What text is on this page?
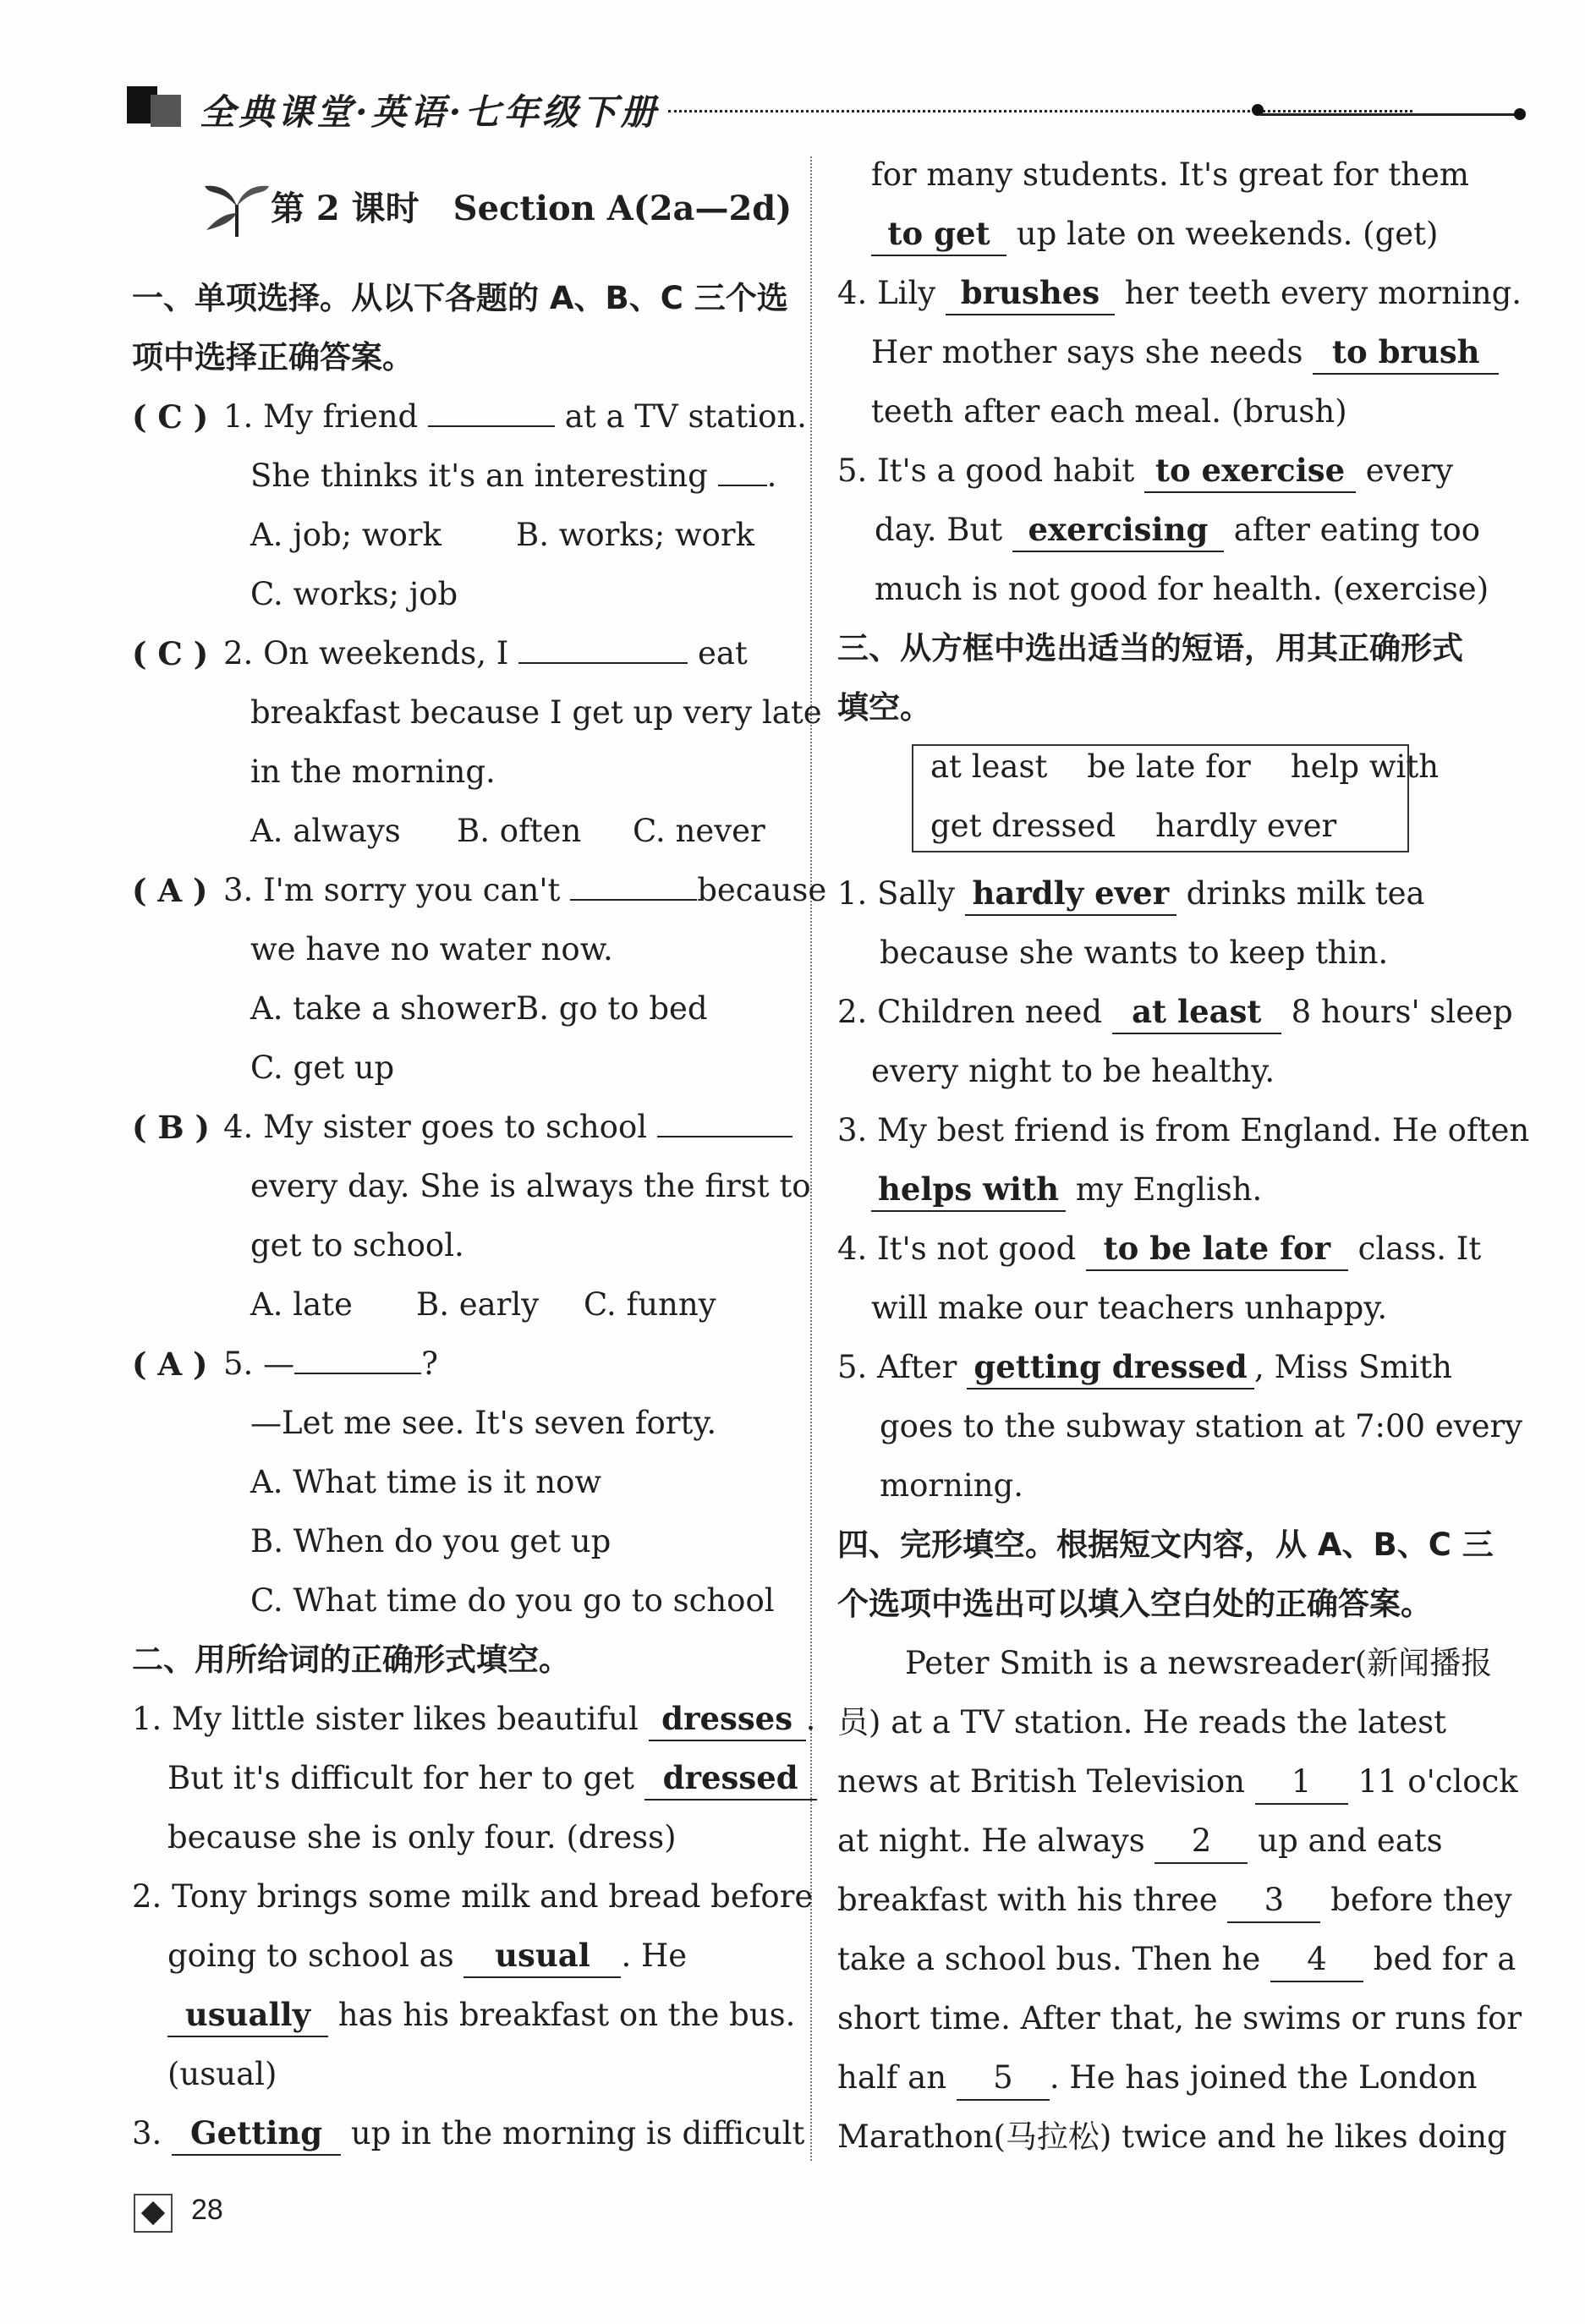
全典课堂·英语·七年级下册
第 2 课时　Section A(2a—2d)
一、单项选择。从以下各题的 A、B、C 三个选
项中选择正确答案。
( C ) 1. My friend	at a TV station.
She thinks it's an interesting .
A. job; work B. works; work
C. works; job
( C ) 2. On weekends, I	eat
breakfast because I get up very late
in the morning.
A. always B. often C. never
( A ) 3. I'm sorry you can't	because
we have no water now.
A. take a shower B. go to bed
C. get up
( B ) 4. My sister goes to school
every day. She is always the first to
get to school.
A. late B. early C. funny
( A ) 5. —	?
—Let me see. It's seven forty.
A. What time is it now
B. When do you get up
C. What time do you go to school
二、用所给词的正确形式填空。
1. My little sister likes beautiful dresses .
But it's difficult for her to get dressed
because she is only four. (dress)
2. Tony brings some milk and bread before
going to school as usual . He
usually has his breakfast on the bus.
(usual)
3. Getting up in the morning is difficult
for many students. It's great for them
to get up late on weekends. (get)
4. Lily brushes her teeth every morning.
Her mother says she needs to brush
teeth after each meal. (brush)
5. It's a good habit to exercise every
day. But exercising after eating too
much is not good for health. (exercise)
三、从方框中选出适当的短语，用其正确形式
填空。
at least    be late for    help with
get dressed    hardly ever
1. Sally hardly ever drinks milk tea
because she wants to keep thin.
2. Children need at least 8 hours' sleep
every night to be healthy.
3. My best friend is from England. He often
helps with my English.
4. It's not good to be late for class. It
will make our teachers unhappy.
5. After getting dressed , Miss Smith
goes to the subway station at 7:00 every
morning.
四、完形填空。根据短文内容，从 A、B、C 三
个选项中选出可以填入空白处的正确答案。
Peter Smith is a newsreader(新闻播报
员) at a TV station. He reads the latest
news at British Television 1 11 o'clock
at night. He always 2 up and eats
breakfast with his three 3 before they
take a school bus. Then he 4 bed for a
short time. After that, he swims or runs for
half an 5 . He has joined the London
Marathon(马拉松) twice and he likes doing
28
